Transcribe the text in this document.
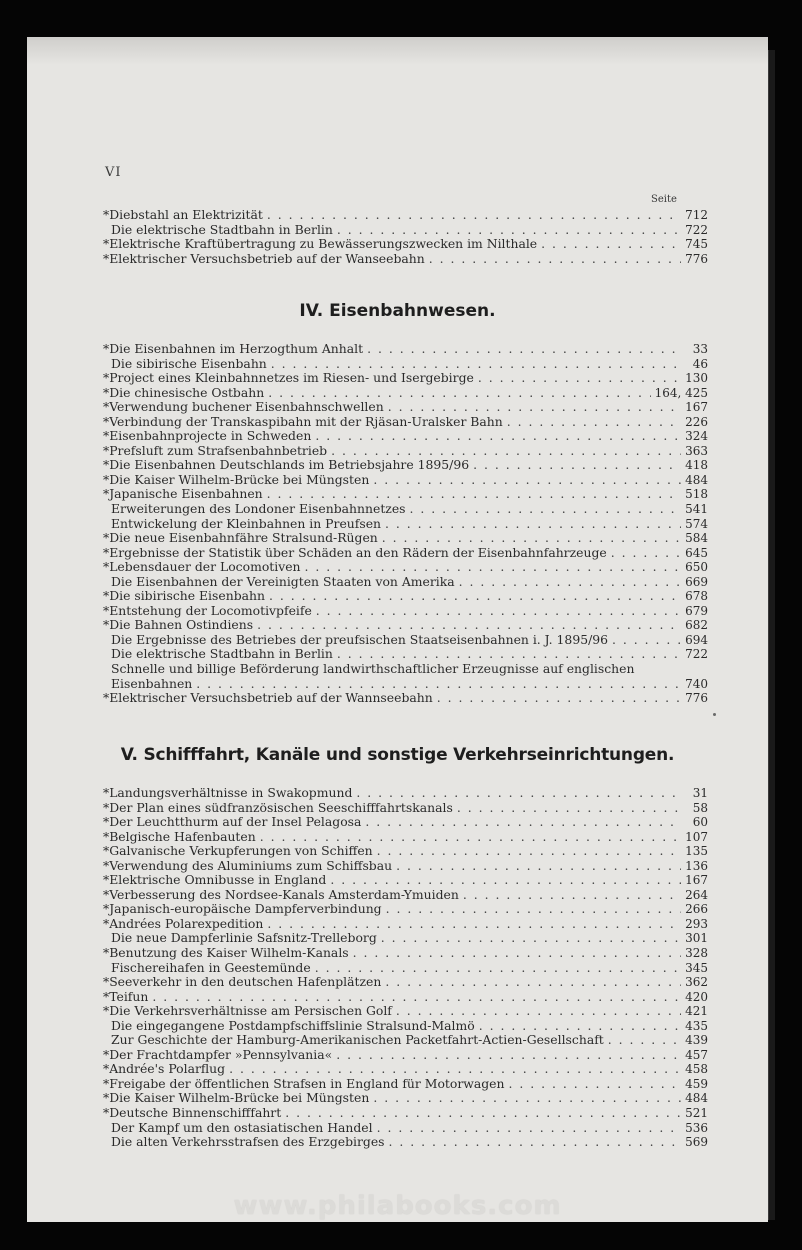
VI
Seite
*Diebstahl an Elektrizität . . .	712
Die elektrische Stadtbahn in Berlin . . .	722
*Elektrische Kraftübertragung zu Bewässerungszwecken im Nilthale . . .	745
*Elektrischer Versuchsbetrieb auf der Wanseebahn . . .	776
IV. Eisenbahnwesen.
*Die Eisenbahnen im Herzogthum Anhalt . . .	33
Die sibirische Eisenbahn . . .	46
*Project eines Kleinbahnnetzes im Riesen- und Isergebirge . . .	130
*Die chinesische Ostbahn . . .	164, 425
*Verwendung buchener Eisenbahnschwellen . . .	167
*Verbindung der Transkaspibahn mit der Rjäsan-Uralsker Bahn . . .	226
*Eisenbahnprojecte in Schweden . . .	324
*Prefsluft zum Strafsenbahnbetrieb . . .	363
*Die Eisenbahnen Deutschlands im Betriebsjahre 1895/96 . . .	418
*Die Kaiser Wilhelm-Brücke bei Müngsten . . .	484
*Japanische Eisenbahnen . . .	518
Erweiterungen des Londoner Eisenbahnnetzes . . .	541
Entwickelung der Kleinbahnen in Preufsen . . .	574
*Die neue Eisenbahnfähre Stralsund-Rügen . . .	584
*Ergebnisse der Statistik über Schäden an den Rädern der Eisenbahnfahrzeuge . . .	645
*Lebensdauer der Locomotiven . . .	650
Die Eisenbahnen der Vereinigten Staaten von Amerika . . .	669
*Die sibirische Eisenbahn . . .	678
*Entstehung der Locomotivpfeife . . .	679
*Die Bahnen Ostindiens . . .	682
Die Ergebnisse des Betriebes der preufsischen Staatseisenbahnen i. J. 1895/96 . . .	694
Die elektrische Stadtbahn in Berlin . . .	722
Schnelle und billige Beförderung landwirthschaftlicher Erzeugnisse auf englischen
Eisenbahnen . . .	740
*Elektrischer Versuchsbetrieb auf der Wannseebahn . . .	776
V. Schifffahrt, Kanäle und sonstige Verkehrseinrichtungen.
*Landungsverhältnisse in Swakopmund . . .	31
*Der Plan eines südfranzösischen Seeschifffahrtskanals . . .	58
*Der Leuchtthurm auf der Insel Pelagosa . . .	60
*Belgische Hafenbauten . . .	107
*Galvanische Verkupferungen von Schiffen . . .	135
*Verwendung des Aluminiums zum Schiffsbau . . .	136
*Elektrische Omnibusse in England . . .	167
*Verbesserung des Nordsee-Kanals Amsterdam-Ymuiden . . .	264
*Japanisch-europäische Dampferverbindung . . .	266
*Andrées Polarexpedition . . .	293
Die neue Dampferlinie Safsnitz-Trelleborg . . .	301
*Benutzung des Kaiser Wilhelm-Kanals . . .	328
Fischereihafen in Geestemünde . . .	345
*Seeverkehr in den deutschen Hafenplätzen . . .	362
*Teifun . . .	420
*Die Verkehrsverhältnisse am Persischen Golf . . .	421
Die eingegangene Postdampfschiffslinie Stralsund-Malmö . . .	435
Zur Geschichte der Hamburg-Amerikanischen Packetfahrt-Actien-Gesellschaft . . .	439
*Der Frachtdampfer »Pennsylvania« . . .	457
*Andrée's Polarflug . . .	458
*Freigabe der öffentlichen Strafsen in England für Motorwagen . . .	459
*Die Kaiser Wilhelm-Brücke bei Müngsten . . .	484
*Deutsche Binnenschifffahrt . . .	521
Der Kampf um den ostasiatischen Handel . . .	536
Die alten Verkehrsstrafsen des Erzgebirges . . .	569
www.philabooks.com
